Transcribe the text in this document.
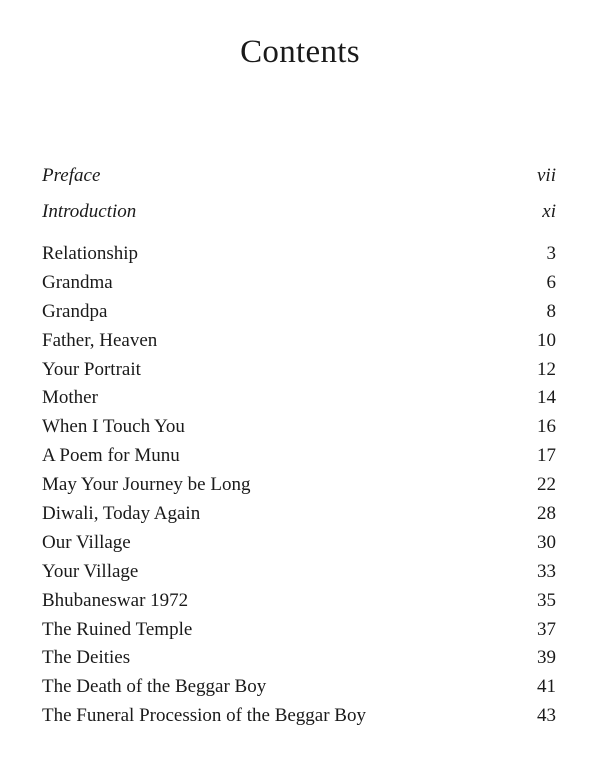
Contents
Preface	vii
Introduction	xi
Relationship	3
Grandma	6
Grandpa	8
Father, Heaven	10
Your Portrait	12
Mother	14
When I Touch You	16
A Poem for Munu	17
May Your Journey be Long	22
Diwali, Today Again	28
Our Village	30
Your Village	33
Bhubaneswar 1972	35
The Ruined Temple	37
The Deities	39
The Death of the Beggar Boy	41
The Funeral Procession of the Beggar Boy	43
